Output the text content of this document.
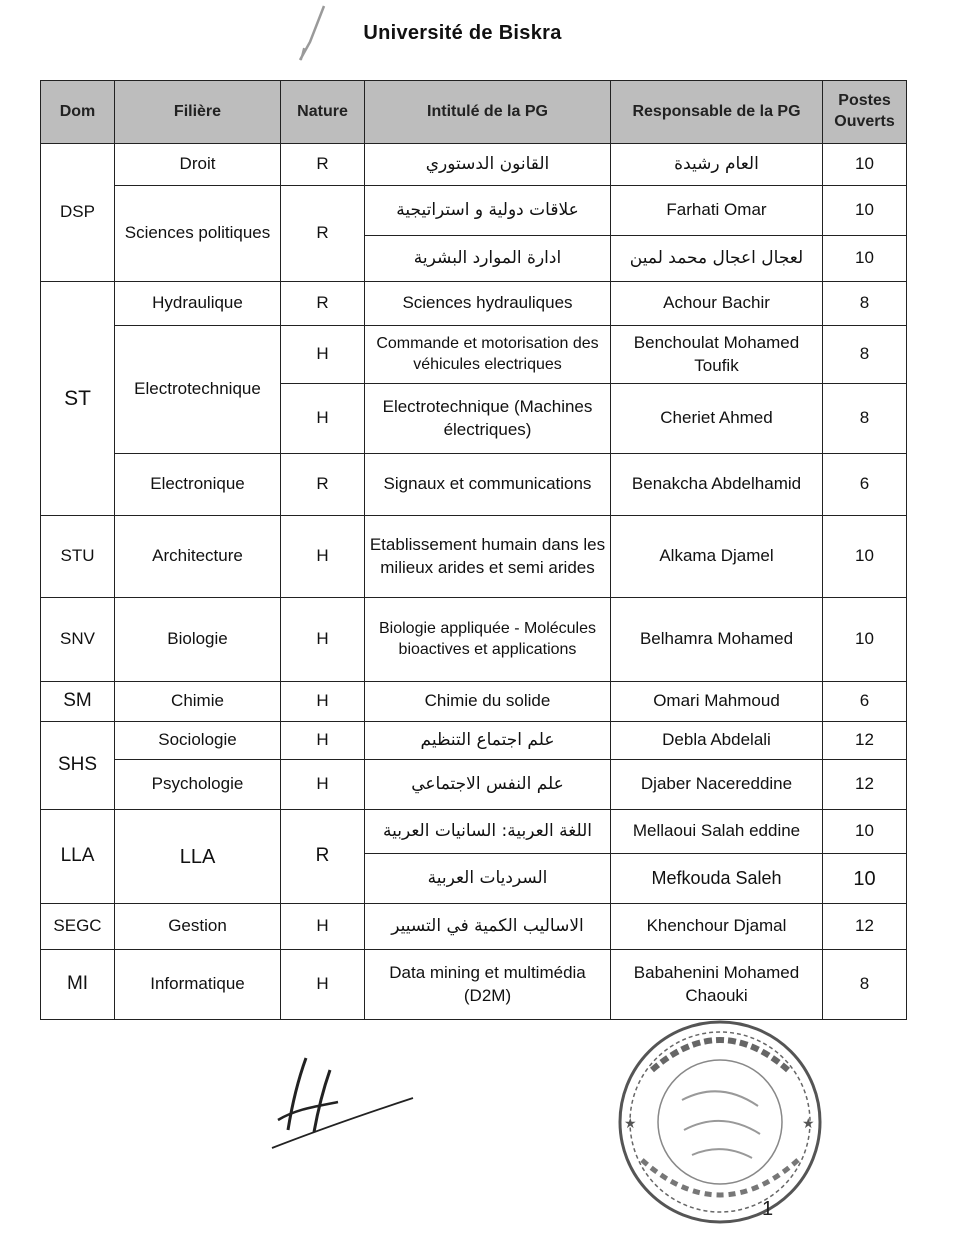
Université de Biskra
Dom	Filière	Nature	Intitulé de la PG	Responsable de la PG	Postes Ouverts
DSP	Droit	R	القانون الدستوري	العام رشيدة	10
	Sciences politiques	R	علاقات دولية و استراتيجية	Farhati Omar	10
			ادارة الموارد البشرية	لعجال اعجال محمد لمين	10
ST	Hydraulique	R	Sciences hydrauliques	Achour Bachir	8
	Electrotechnique	H	Commande et motorisation des véhicules electriques	Benchoulat Mohamed Toufik	8
		H	Electrotechnique (Machines électriques)	Cheriet Ahmed	8
	Electronique	R	Signaux et communications	Benakcha Abdelhamid	6
STU	Architecture	H	Etablissement humain dans les milieux arides et semi arides	Alkama Djamel	10
SNV	Biologie	H	Biologie appliquée - Molécules bioactives et applications	Belhamra Mohamed	10
SM	Chimie	H	Chimie du solide	Omari Mahmoud	6
SHS	Sociologie	H	علم اجتماع التنظيم	Debla Abdelali	12
	Psychologie	H	علم النفس الاجتماعي	Djaber Nacereddine	12
LLA	LLA	R	اللغة العربية: السانيات العربية	Mellaoui Salah eddine	10
			السرديات العربية	Mefkouda Saleh	10
SEGC	Gestion	H	الاساليب الكمية في التسيير	Khenchour Djamal	12
MI	Informatique	H	Data mining et multimédia (D2M)	Babahenini Mohamed Chaouki	8
★	★
1
